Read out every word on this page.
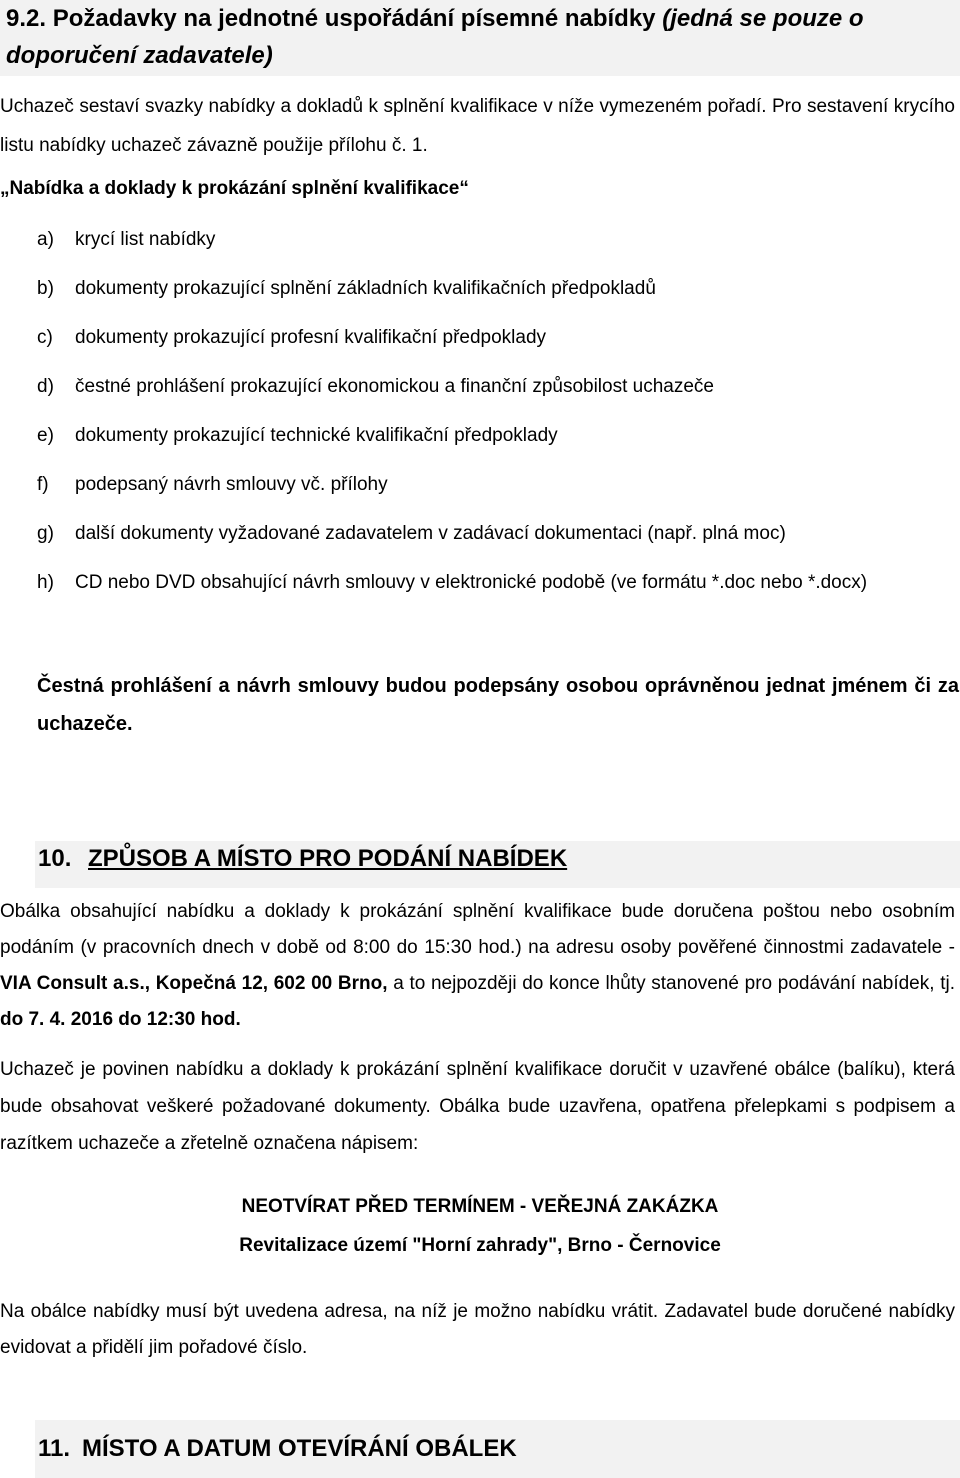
9.2. Požadavky na jednotné uspořádání písemné nabídky (jedná se pouze o doporučení zadavatele)
Uchazeč sestaví svazky nabídky a dokladů k splnění kvalifikace v níže vymezeném pořadí. Pro sestavení krycího listu nabídky uchazeč závazně použije přílohu č. 1.
„Nabídka a doklady k prokázání splnění kvalifikace“
a) krycí list nabídky
b) dokumenty prokazující splnění základních kvalifikačních předpokladů
c) dokumenty prokazující profesní kvalifikační předpoklady
d) čestné prohlášení prokazující ekonomickou a finanční způsobilost uchazeče
e) dokumenty prokazující technické kvalifikační předpoklady
f) podepsaný návrh smlouvy vč. přílohy
g) další dokumenty vyžadované zadavatelem v zadávací dokumentaci (např. plná moc)
h) CD nebo DVD obsahující návrh smlouvy v elektronické podobě (ve formátu *.doc nebo *.docx)
Čestná prohlášení a návrh smlouvy budou podepsány osobou oprávněnou jednat jménem či za uchazeče.
10. ZPŮSOB A MÍSTO PRO PODÁNÍ NABÍDEK
Obálka obsahující nabídku a doklady k prokázání splnění kvalifikace bude doručena poštou nebo osobním podáním (v pracovních dnech v době od 8:00 do 15:30 hod.) na adresu osoby pověřené činnostmi zadavatele - VIA Consult a.s., Kopečná 12, 602 00 Brno, a to nejpozději do konce lhůty stanovené pro podávání nabídek, tj. do 7. 4. 2016 do 12:30 hod.
Uchazeč je povinen nabídku a doklady k prokázání splnění kvalifikace doručit v uzavřené obálce (balíku), která bude obsahovat veškeré požadované dokumenty. Obálka bude uzavřena, opatřena přelepkami s podpisem a razítkem uchazeče a zřetelně označena nápisem:
NEOTVÍRAT PŘED TERMÍNEM - VEŘEJNÁ ZAKÁZKA
Revitalizace území "Horní zahrady", Brno - Černovice
Na obálce nabídky musí být uvedena adresa, na níž je možno nabídku vrátit. Zadavatel bude doručené nabídky evidovat a přidělí jim pořadové číslo.
11. MÍSTO A DATUM OTEVÍRÁNÍ OBÁLEK
